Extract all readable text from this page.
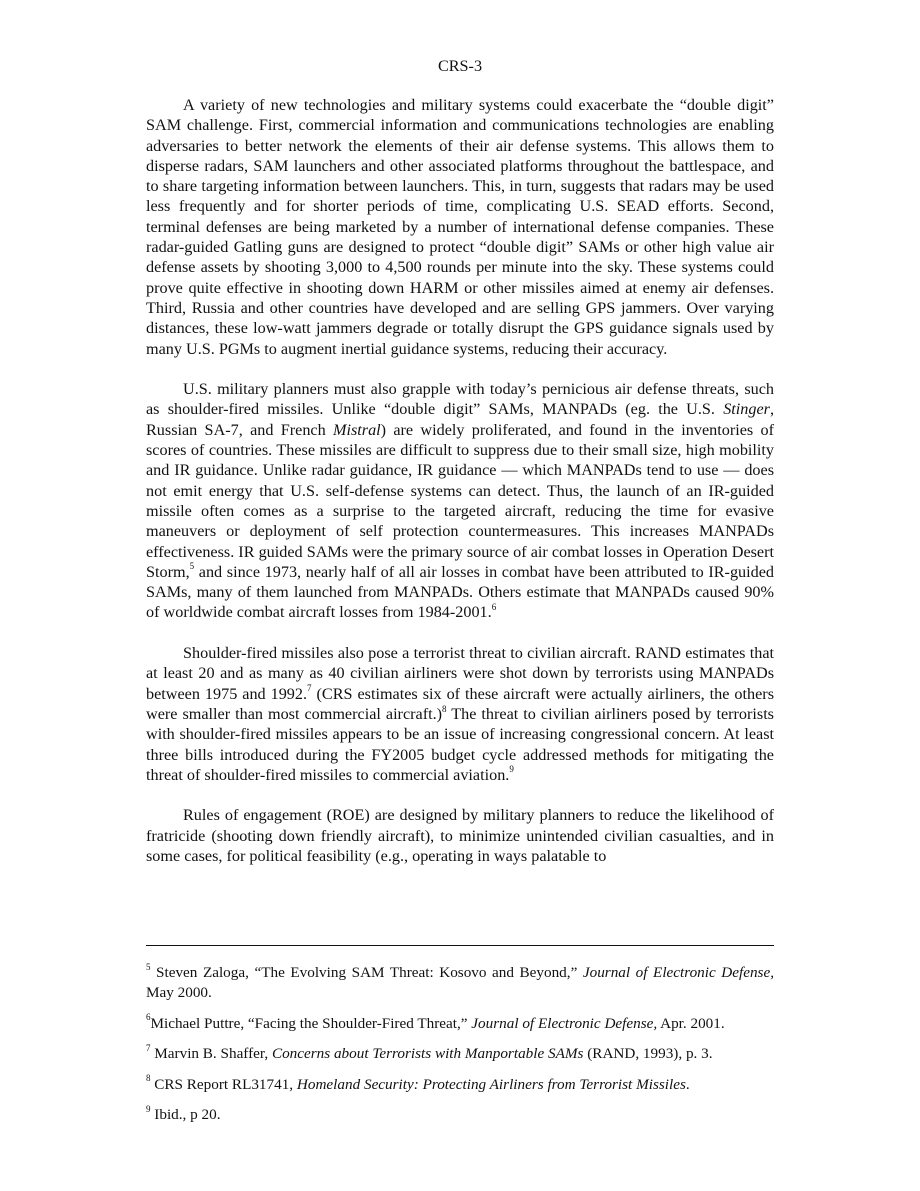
CRS-3

A variety of new technologies and military systems could exacerbate the “double digit” SAM challenge. First, commercial information and communications technologies are enabling adversaries to better network the elements of their air defense systems. This allows them to disperse radars, SAM launchers and other associated platforms throughout the battlespace, and to share targeting information between launchers. This, in turn, suggests that radars may be used less frequently and for shorter periods of time, complicating U.S. SEAD efforts. Second, terminal defenses are being marketed by a number of international defense companies. These radar-guided Gatling guns are designed to protect “double digit” SAMs or other high value air defense assets by shooting 3,000 to 4,500 rounds per minute into the sky. These systems could prove quite effective in shooting down HARM or other missiles aimed at enemy air defenses. Third, Russia and other countries have developed and are selling GPS jammers. Over varying distances, these low-watt jammers degrade or totally disrupt the GPS guidance signals used by many U.S. PGMs to augment inertial guidance systems, reducing their accuracy.

U.S. military planners must also grapple with today’s pernicious air defense threats, such as shoulder-fired missiles. Unlike “double digit” SAMs, MANPADs (eg. the U.S. Stinger, Russian SA-7, and French Mistral) are widely proliferated, and found in the inventories of scores of countries. These missiles are difficult to suppress due to their small size, high mobility and IR guidance. Unlike radar guidance, IR guidance — which MANPADs tend to use — does not emit energy that U.S. self-defense systems can detect. Thus, the launch of an IR-guided missile often comes as a surprise to the targeted aircraft, reducing the time for evasive maneuvers or deployment of self protection countermeasures. This increases MANPADs effectiveness. IR guided SAMs were the primary source of air combat losses in Operation Desert Storm,$^5$ and since 1973, nearly half of all air losses in combat have been attributed to IR-guided SAMs, many of them launched from MANPADs. Others estimate that MANPADs caused 90% of worldwide combat aircraft losses from 1984-2001.$^6$

Shoulder-fired missiles also pose a terrorist threat to civilian aircraft. RAND estimates that at least 20 and as many as 40 civilian airliners were shot down by terrorists using MANPADs between 1975 and 1992.$^7$ (CRS estimates six of these aircraft were actually airliners, the others were smaller than most commercial aircraft.)$^8$ The threat to civilian airliners posed by terrorists with shoulder-fired missiles appears to be an issue of increasing congressional concern. At least three bills introduced during the FY2005 budget cycle addressed methods for mitigating the threat of shoulder-fired missiles to commercial aviation.$^9$

Rules of engagement (ROE) are designed by military planners to reduce the likelihood of fratricide (shooting down friendly aircraft), to minimize unintended civilian casualties, and in some cases, for political feasibility (e.g., operating in ways palatable to

$^5$ Steven Zaloga, “The Evolving SAM Threat: Kosovo and Beyond,” Journal of Electronic Defense, May 2000.

$^6$Michael Puttre, “Facing the Shoulder-Fired Threat,” Journal of Electronic Defense, Apr. 2001.

$^7$ Marvin B. Shaffer, Concerns about Terrorists with Manportable SAMs (RAND, 1993), p. 3.

$^8$ CRS Report RL31741, Homeland Security: Protecting Airliners from Terrorist Missiles.

$^9$ Ibid., p 20.
